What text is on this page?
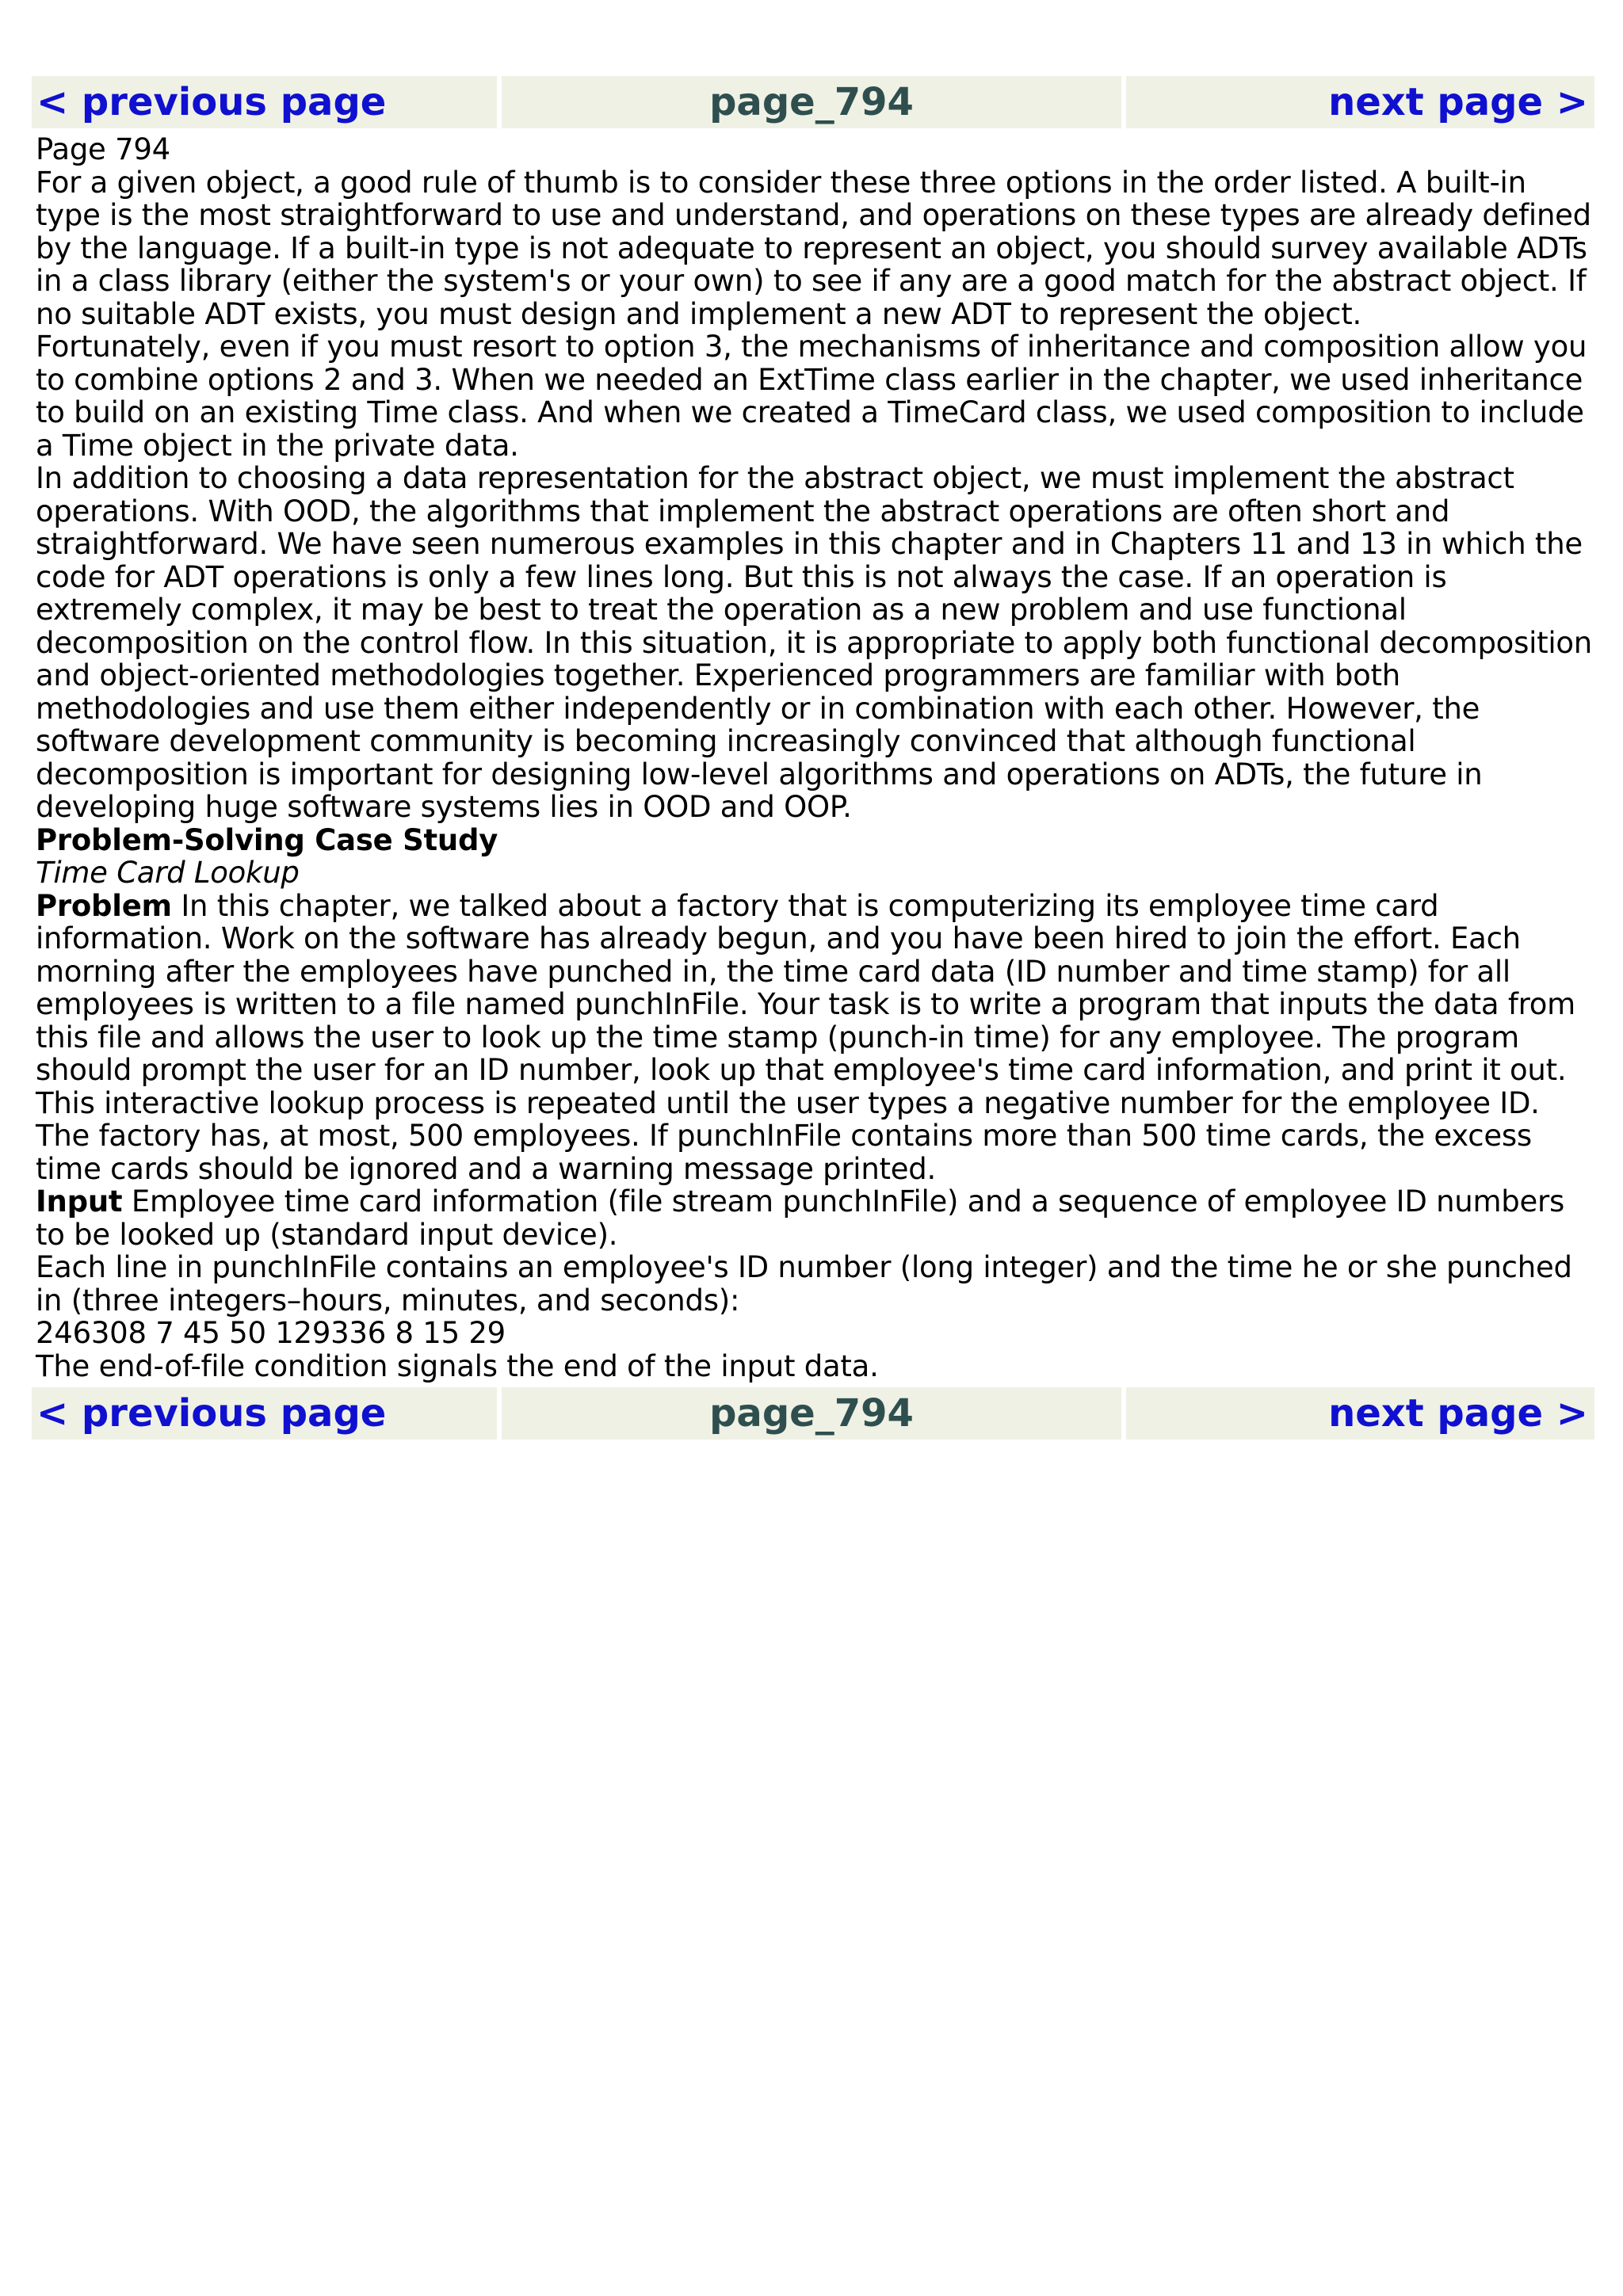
< previous page	page_794	next page >

Page 794

For a given object, a good rule of thumb is to consider these three options in the order listed. A built-in type is the most straightforward to use and understand, and operations on these types are already defined by the language. If a built-in type is not adequate to represent an object, you should survey available ADTs in a class library (either the system's or your own) to see if any are a good match for the abstract object. If no suitable ADT exists, you must design and implement a new ADT to represent the object.

Fortunately, even if you must resort to option 3, the mechanisms of inheritance and composition allow you to combine options 2 and 3. When we needed an ExtTime class earlier in the chapter, we used inheritance to build on an existing Time class. And when we created a TimeCard class, we used composition to include a Time object in the private data.

In addition to choosing a data representation for the abstract object, we must implement the abstract operations. With OOD, the algorithms that implement the abstract operations are often short and straightforward. We have seen numerous examples in this chapter and in Chapters 11 and 13 in which the code for ADT operations is only a few lines long. But this is not always the case. If an operation is extremely complex, it may be best to treat the operation as a new problem and use functional decomposition on the control flow. In this situation, it is appropriate to apply both functional decomposition and object-oriented methodologies together. Experienced programmers are familiar with both methodologies and use them either independently or in combination with each other. However, the software development community is becoming increasingly convinced that although functional decomposition is important for designing low-level algorithms and operations on ADTs, the future in developing huge software systems lies in OOD and OOP.

Problem-Solving Case Study

Time Card Lookup

Problem In this chapter, we talked about a factory that is computerizing its employee time card information. Work on the software has already begun, and you have been hired to join the effort. Each morning after the employees have punched in, the time card data (ID number and time stamp) for all employees is written to a file named punchInFile. Your task is to write a program that inputs the data from this file and allows the user to look up the time stamp (punch-in time) for any employee. The program should prompt the user for an ID number, look up that employee's time card information, and print it out. This interactive lookup process is repeated until the user types a negative number for the employee ID. The factory has, at most, 500 employees. If punchInFile contains more than 500 time cards, the excess time cards should be ignored and a warning message printed.

Input Employee time card information (file stream punchInFile) and a sequence of employee ID numbers to be looked up (standard input device).

Each line in punchInFile contains an employee's ID number (long integer) and the time he or she punched in (three integers–hours, minutes, and seconds):

246308 7 45 50 129336 8 15 29

The end-of-file condition signals the end of the input data.

< previous page	page_794	next page >
